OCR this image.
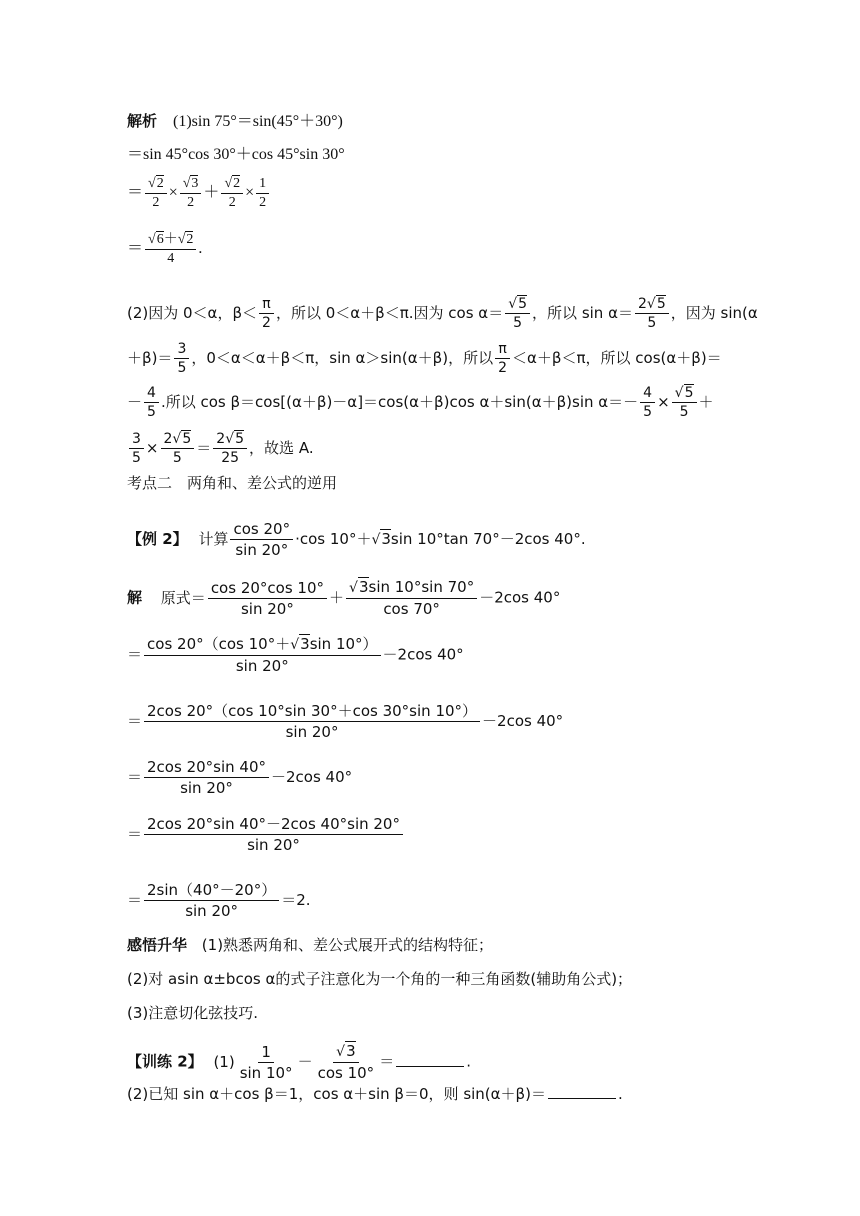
解析 (1)sin 75°＝sin(45°＋30°)
＝sin 45°cos 30°＋cos 45°sin 30°
＝ $\frac{√2}{2} \times \frac{√3}{2} + \frac{√2}{2} \times \frac{1}{2}$
＝ $\frac{√6+√2}{4}$ .
(2)因为 0＜α，$\beta< \frac{\pi}{2}$ ，所以 0＜α＋β＜π.因为 $\cos \alpha= \frac{√5}{5}$ ，所以 $\sin \alpha= \frac{2√5}{5}$ ，因为 sin(α
$+\beta)= \frac{3}{5}$ ，0＜α＜α＋β＜π，sin α＞sin(α＋β)，所以 $\frac{\pi}{2} <\alpha+\beta<\pi$，所以 cos(α＋β)＝
－ $\frac{4}{5}$ .所以 cos β＝cos[(α＋β)－α]＝cos(α＋β)cos α＋sin(α＋β)sin $\alpha=- \frac{4}{5} \times \frac{√5}{5}$ ＋
$\frac{3}{5} \times \frac{2√5}{5} = \frac{2√5}{25}$ ，故选 A.
考点二　两角和、差公式的逆用
【例 2】 计算 $\frac{\cos 20^\circ}{\sin 20^\circ} \cdot\cos$ 10°＋√3sin 10°tan 70°－2cos 40°.
解 原式＝ $\frac{\cos 20^\circ\cos 10^\circ}{\sin 20^\circ} + \frac{√3\sin 10^\circ\sin 70^\circ}{\cos 70^\circ} -2\cos$ 40°
＝ $\frac{\cos 20^\circ(\cos 10^\circ+√3\sin 10^\circ)}{\sin 20^\circ} -2\cos$ 40°
＝ $\frac{2\cos 20^\circ(\cos 10^\circ\sin 30^\circ+\cos 30^\circ\sin 10^\circ)}{\sin 20^\circ} -2\cos$ 40°
＝ $\frac{2\cos 20^\circ\sin 40^\circ}{\sin 20^\circ} -2\cos$ 40°
＝ $\frac{2\cos 20^\circ\sin 40^\circ-2\cos 40^\circ\sin 20^\circ}{\sin 20^\circ}$
＝ $\frac{2\sin(40^\circ-20^\circ)}{\sin 20^\circ} =2$.
感悟升华 (1)熟悉两角和、差公式展开式的结构特征；
(2)对 asin α±bcos α的式子注意化为一个角的一种三角函数(辅助角公式)；
(3)注意切化弦技巧.
【训练 2】 $(1) \frac{1}{\sin 10^\circ} - \frac{√3}{\cos 10^\circ}$ ＝	.
(2)已知 sin α＋cos β＝1，cos α＋sin β＝0，则 sin(α＋β)＝	.
